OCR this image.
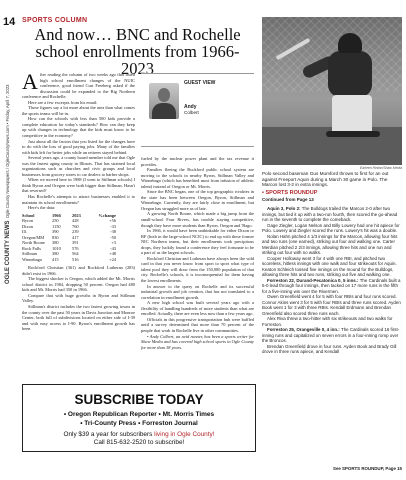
14
OGLE COUNTY NEWS  Ogle County Newspapers / OgleCountyNews.com • Friday, April 7, 2023
SPORTS COLUMN
And now… BNC and Rochelle school enrollments from 1966-2023

After reading the column of two weeks ago that listed high school enrollment changes of the NUIC conference, good friend Curt Freeberg asked if the discussion could be expanded to the Big Northern conference and Rochelle.

Here are a few excerpts from his email:

Those figures say a lot more about the area than what comes the sports teams will be in.

How can the schools with less than 500 kids provide a complete education for today's standards? How can they keep up with changes in technology that the kids must know to be competitive in the economy?

Just about all the factors that you listed for the changes have to do with the loss of good paying jobs. Many of the families with kids left for better jobs while an retirees stayed behind.

Several years ago, a county board member told me that Ogle was the fastest aging county in Illinois. That has strained local organizations such as churches and civic groups and local businesses from grocery stores to car dealers to barber shops.

When we moved here in 1988 (I went to Stillman schools) I think Byron and Oregon were both bigger than Stillman. Hasn't that reversed?

Has Rochelle's attempts to attract businesses enabled it to maintain its school enrollments?

Here's the data:

School	1966	2023	%change
Byron	250	428	+56
Dixon	1150	760	-33
Ill.	390	239	-38
Oregon/MM	830	417	-50
North Boone	380	391	+3
Rock Falls	1010	576	-43
Stillman	380	564	+48
Winnebago	415	516	+24

Rockford Christian (361) and Rockford Lutheran (283) didn't exist in 1966.

The biggest shocker is Oregon, which added the Mt. Morris school district in 1984, dropping 50 percent. Oregon had 480 kids and Mt. Morris had 350 in 1966.

Compare that with huge growths in Byron and Stillman Valley.

Stillman's district includes the two fastest growing towns in the county over the past 50 years in Davis Junction and Monroe Center, both full of subdivisions located on either side of I-39 and with easy access to I-90. Byron's enrollment growth has been

GUEST VIEW
Andy
Colbert

fueled by the nuclear power plant and the tax revenue it provides.

Families fleeing the Rockford public school system are moving to the schools in nearby Byron, Stillman Valley and Winnebago (which has benefited most from infusion of athletic talent) instead of Oregon or Mt. Morris.

Since the BNC began, one of the top geographic rivalries in the state has been between Oregon, Byron, Stillman and Winnebago. Currently, they are fairly close in enrollment, but Oregon has struggled more as of late.

A growing North Boone, which made a big jump from the small-school Four Rivers, has trouble staying competitive, though they have more students than Byron, Oregon and 'Bago.

In 1966, it would have been unthinkable for either Dixon or RF (both in the large-school NCIC) to end up with these former NIC Northern teams, but their enrollments took precipitous drops, they luckily found a conference they feel fortunate to be a part of as the largest schools.

Rockford Christian and Lutheran have always been the wild card in that you never know from sport to sport what type of talent pool they will draw from the 150,000 population of that city. Rochelle's schools, it is inconsequential for them having the lowest enrollments.

In answer to the query on Rochelle and its successful industrial growth and job creation, that has not translated to a correlation in enrollment growth.

A new high school was built several years ago with a flexibility of handling hundreds of more students than what are enrolled. Actually, there are even less now than a few years ago.

Officials in this progressive transportation hub were baffled until a survey determined that more than 70 percent of the people that work in Rochelle live in other communities.

• Andy Colbert, an avid runner, has been a sports writer for Shaw Media and has covered high school sports in Ogle County for more than 38 years.

Earleen Hinton/Shaw Media
Polo second baseman Gus Mumford throws to first for an out against Freeport Aquin during a March 30 game in Polo. The Marcos lost 3-2 in extra innings.
• SPORTS ROUNDUP
Continued from Page 13

Aquin 3, Polo 2: The Bulldogs trailed the Marcos 2-0 after two innings, but tied it up with a two-run fourth, then scored the go-ahead run in the seventh to complete the comeback.

Gage Ziegler, Logan Nelson and Billy Lowery had one hit apiece for Polo. Lowery and Ziegler scored the runs. Lowery's hit was a double.

Nolan Hahn pitched 4 1/3 innings for the Marcos, allowing four hits and two runs (one earned), striking out four and walking one. Carter Merdian pitched 2 2/3 innings, allowing three hits and one run and striking out four with no walks.

Cooper Holloway went 3 for 4 with one RBI, and pitched two scoreless, hitless innings with one walk and four strikeouts for Aquin. Keaton Schleich tossed five innings on the mound for the Bulldogs, allowing three hits and two runs, striking out five and walking one.

Forreston 22, Durand-Pecatonica 0, 5 inns.: The Cardinals built a 5-0 lead through four innings, then tacked on 17 more runs in the fifth for a five-inning win over the Rivermen.

Owen Greenfield went 4 for 5 with four RBIs and four runs scored. Connor Akins went 3 for 5 with four RBIs and three runs scored. Ayden Book went 1 for 3 with three RBIs. Kendall Erdmann and Brendan Greenfield also scored three runs each.

Alex Riva threw a two-hitter with six strikeouts and two walks for Forreston.

Forreston 25, Orangeville 0, 4 inn.: The Cardinals scored 16 first-inning runs and capitalized on seven errors in a four-inning romp over the Broncos.

Brendan Greenfield drove in four runs. Ayden Book and Brady Gill drove in three runs apiece, and Kendall

See SPORTS ROUNDUP, Page 15
SUBSCRIBE TODAY
• Oregon Republican Reporter • Mt. Morris Times
• Tri-County Press • Forreston Journal
Only $39 a year for subscribers living in Ogle County!
Call 815-632-2520 to subscribe!
